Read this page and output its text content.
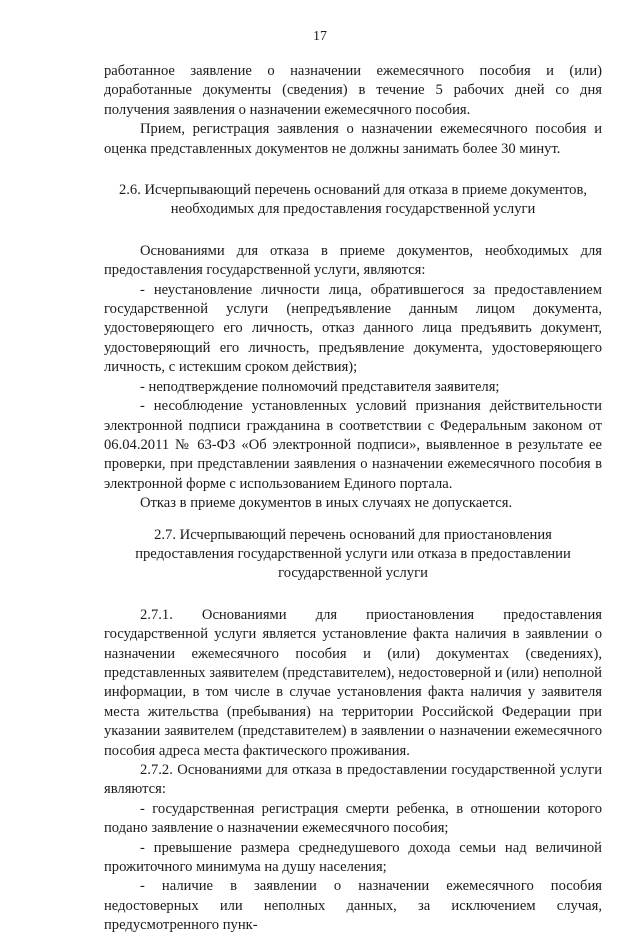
17

работанное заявление о назначении ежемесячного пособия и (или) доработанные документы (сведения) в течение 5 рабочих дней со дня получения заявления о назначении ежемесячного пособия.

Прием, регистрация заявления о назначении ежемесячного пособия и оценка представленных документов не должны занимать более 30 минут.

2.6. Исчерпывающий перечень оснований для отказа в приеме документов, необходимых для предоставления государственной услуги

Основаниями для отказа в приеме документов, необходимых для предоставления государственной услуги, являются:

- неустановление личности лица, обратившегося за предоставлением государственной услуги (непредъявление данным лицом документа, удостоверяющего его личность, отказ данного лица предъявить документ, удостоверяющий его личность, предъявление документа, удостоверяющего личность, с истекшим сроком действия);

- неподтверждение полномочий представителя заявителя;

- несоблюдение установленных условий признания действительности электронной подписи гражданина в соответствии с Федеральным законом от 06.04.2011 № 63-ФЗ «Об электронной подписи», выявленное в результате ее проверки, при представлении заявления о назначении ежемесячного пособия в электронной форме с использованием Единого портала.

Отказ в приеме документов в иных случаях не допускается.

2.7. Исчерпывающий перечень оснований для приостановления предоставления государственной услуги или отказа в предоставлении государственной услуги

2.7.1. Основаниями для приостановления предоставления государственной услуги является установление факта наличия в заявлении о назначении ежемесячного пособия и (или) документах (сведениях), представленных заявителем (представителем), недостоверной и (или) неполной информации, в том числе в случае установления факта наличия у заявителя места жительства (пребывания) на территории Российской Федерации при указании заявителем (представителем) в заявлении о назначении ежемесячного пособия адреса места фактического проживания.

2.7.2. Основаниями для отказа в предоставлении государственной услуги являются:

- государственная регистрация смерти ребенка, в отношении которого подано заявление о назначении ежемесячного пособия;

- превышение размера среднедушевого дохода семьи над величиной прожиточного минимума на душу населения;

- наличие в заявлении о назначении ежемесячного пособия недостоверных или неполных данных, за исключением случая, предусмотренного пунк-
